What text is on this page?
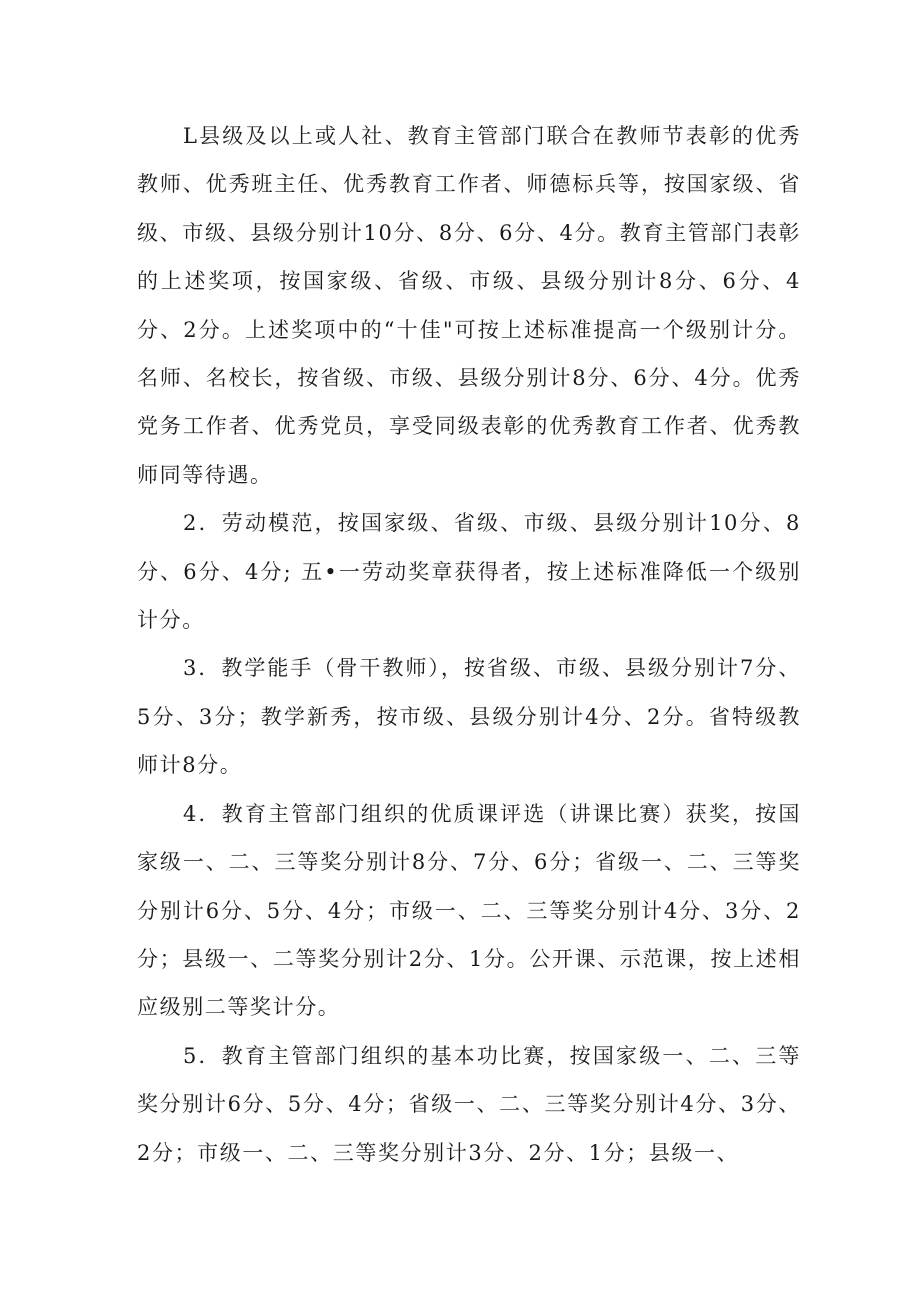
L县级及以上或人社、教育主管部门联合在教师节表彰的优秀教师、优秀班主任、优秀教育工作者、师德标兵等，按国家级、省级、市级、县级分别计10分、8分、6分、4分。教育主管部门表彰的上述奖项，按国家级、省级、市级、县级分别计8分、6分、4分、2分。上述奖项中的“十佳"可按上述标准提高一个级别计分。名师、名校长，按省级、市级、县级分别计8分、6分、4分。优秀党务工作者、优秀党员，享受同级表彰的优秀教育工作者、优秀教师同等待遇。

2．劳动模范，按国家级、省级、市级、县级分别计10分、8分、6分、4分; 五•一劳动奖章获得者，按上述标准降低一个级别计分。

3．教学能手（骨干教师），按省级、市级、县级分别计7分、5分、3分；教学新秀，按市级、县级分别计4分、2分。省特级教师计8分。

4．教育主管部门组织的优质课评选（讲课比赛）获奖，按国家级一、二、三等奖分别计8分、7分、6分；省级一、二、三等奖分别计6分、5分、4分；市级一、二、三等奖分别计4分、3分、2分；县级一、二等奖分别计2分、1分。公开课、示范课，按上述相应级别二等奖计分。

5．教育主管部门组织的基本功比赛，按国家级一、二、三等奖分别计6分、5分、4分；省级一、二、三等奖分别计4分、3分、2分；市级一、二、三等奖分别计3分、2分、1分；县级一、
